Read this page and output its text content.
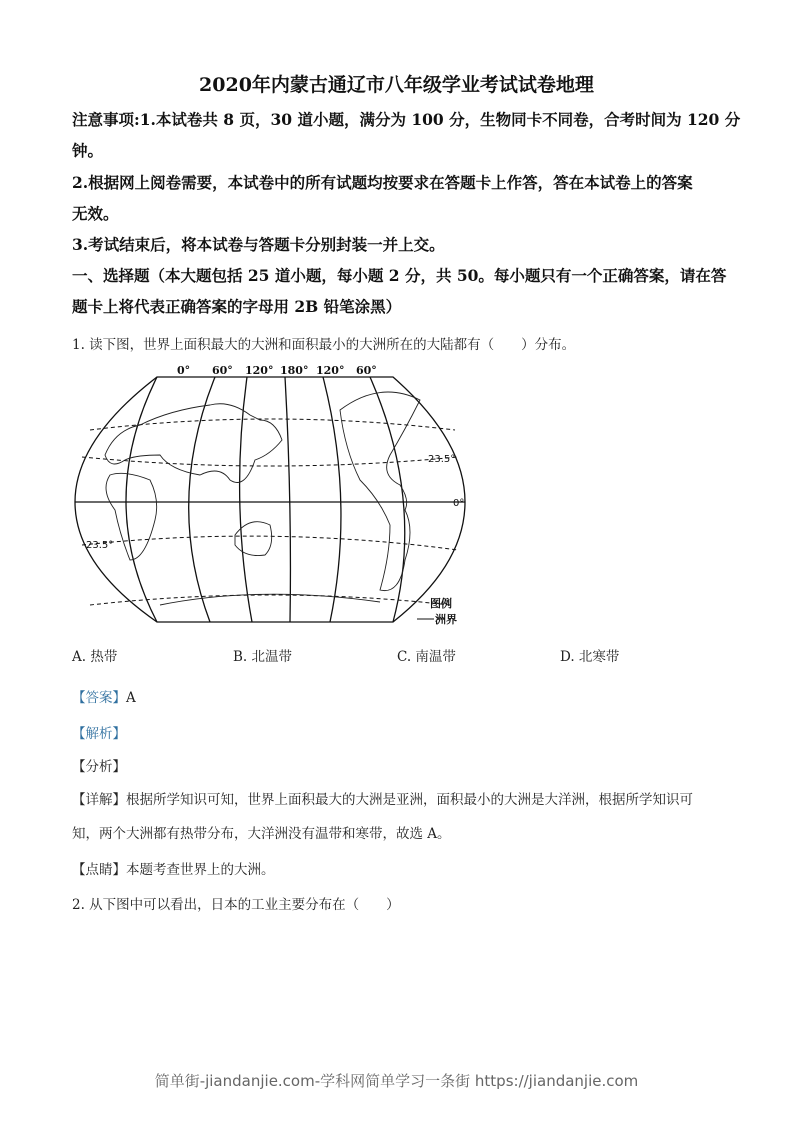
2020年内蒙古通辽市八年级学业考试试卷地理
注意事项:1.本试卷共 8 页，30 道小题，满分为 100 分，生物同卡不同卷，合考时间为 120 分
钟。
2.根据网上阅卷需要，本试卷中的所有试题均按要求在答题卡上作答，答在本试卷上的答案
无效。
3.考试结束后，将本试卷与答题卡分别封装一并上交。
一、选择题（本大题包括 25 道小题，每小题 2 分，共 50。每小题只有一个正确答案，请在答
题卡上将代表正确答案的字母用 2B 铅笔涂黑）
1. 读下图，世界上面积最大的大洲和面积最小的大洲所在的大陆都有（　　）分布。
0° 60° 120° 180° 120° 60°
23.5°
0°
23.5°
图例
洲界
A. 热带	B. 北温带	C. 南温带	D. 北寒带
【答案】A
【解析】
【分析】
【详解】根据所学知识可知，世界上面积最大的大洲是亚洲，面积最小的大洲是大洋洲，根据所学知识可
知，两个大洲都有热带分布，大洋洲没有温带和寒带，故选 A。
【点睛】本题考查世界上的大洲。
2. 从下图中可以看出，日本的工业主要分布在（　　）
简单街-jiandanjie.com-学科网简单学习一条街 https://jiandanjie.com
